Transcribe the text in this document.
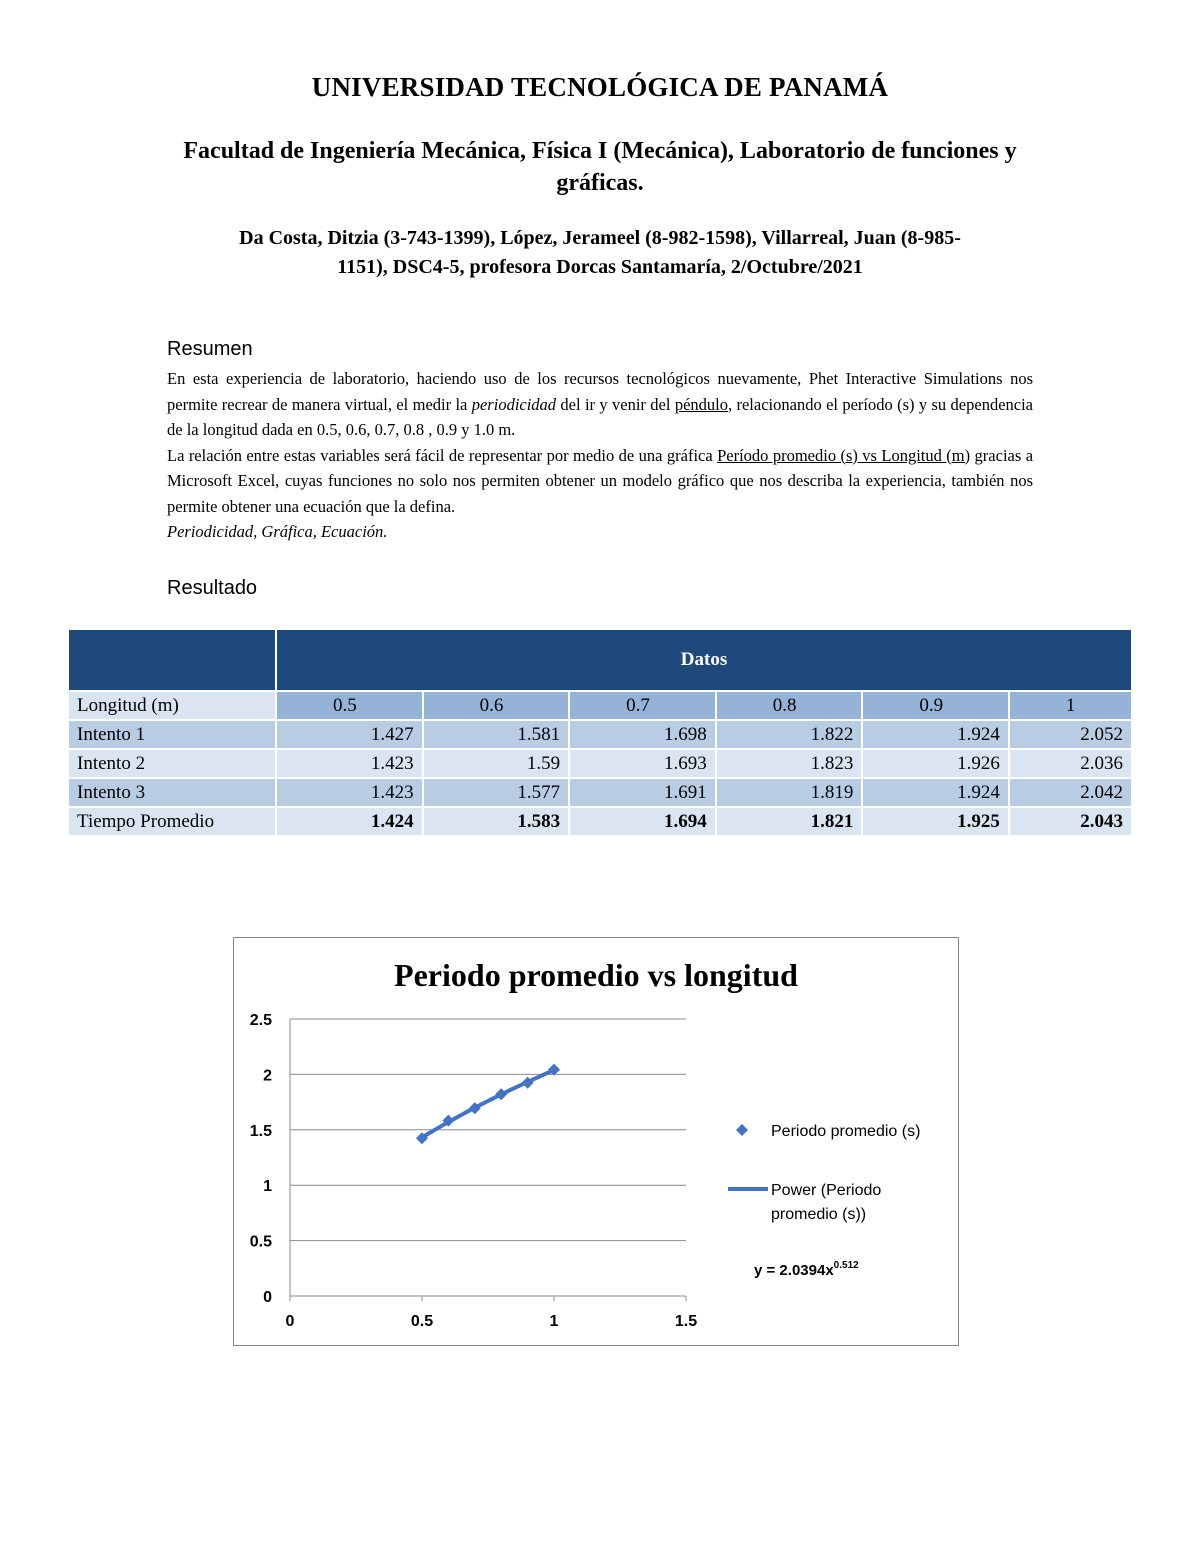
UNIVERSIDAD TECNOLÓGICA DE PANAMÁ
Facultad de Ingeniería Mecánica, Física I (Mecánica), Laboratorio de funciones y gráficas.
Da Costa, Ditzia (3-743-1399), López, Jerameel (8-982-1598), Villarreal, Juan (8-985-
1151), DSC4-5, profesora Dorcas Santamaría, 2/Octubre/2021
Resumen

En esta experiencia de laboratorio, haciendo uso de los recursos tecnológicos nuevamente, Phet Interactive Simulations nos permite recrear de manera virtual, el medir la periodicidad del ir y venir del péndulo, relacionando el período (s) y su dependencia de la longitud dada en 0.5, 0.6, 0.7, 0.8 , 0.9 y 1.0 m.

La relación entre estas variables será fácil de representar por medio de una gráfica Período promedio (s) vs Longitud (m) gracias a Microsoft Excel, cuyas funciones no solo nos permiten obtener un modelo gráfico que nos describa la experiencia, también nos permite obtener una ecuación que la defina.

Periodicidad, Gráfica, Ecuación.

Resultado
	Datos					
Longitud (m)	0.5	0.6	0.7	0.8	0.9	1
Intento 1	1.427	1.581	1.698	1.822	1.924	2.052
Intento 2	1.423	1.59	1.693	1.823	1.926	2.036
Intento 3	1.423	1.577	1.691	1.819	1.924	2.042
Tiempo Promedio	1.424	1.583	1.694	1.821	1.925	2.043
Periodo promedio vs longitud
0
0.5
1
1.5
2
2.5
0	0.5	1	1.5
Periodo promedio (s)
Power (Periodo promedio (s))
$y = 2.0394x^{0.512}$
